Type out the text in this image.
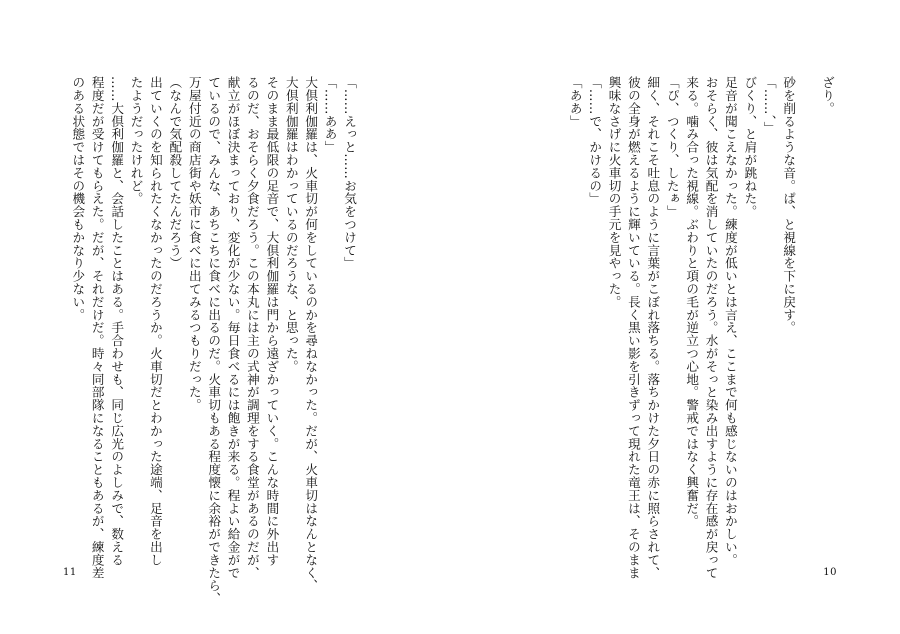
「……えっと……お気をつけて」
「……ああ」
大倶利伽羅は、火車切が何をしているのかを尋ねなかった。だが、火車切はなんとなく、
大倶利伽羅はわかっているのだろうな、と思った。
そのまま最低限の足音で、大倶利伽羅は門から遠ざかっていく。こんな時間に外出す
るのだ、おそらく夕食だろう。この本丸には主の式神が調理をする食堂があるのだが、
献立がほぼ決まっており、変化が少ない。毎日食べるには飽きが来る。程よい給金がで
ているので、みんな、あちこちに食べに出るのだ。火車切もある程度懐に余裕ができたら、
万屋付近の商店街や妖市に食べに出てみるつもりだった。
（なんで気配殺してたんだろう）
出ていくのを知られたくなかったのだろうか。火車切だとわかった途端、足音を出し
たようだったけれど。
……大倶利伽羅と、会話したことはある。手合わせも、同じ広光のよしみで、数える
程度だが受けてもらえた。だが、それだけだ。時々同部隊になることもあるが、練度差
のある状態ではその機会もかなり少ない。
11
ざり。

砂を削るような音。ぱ、と視線を下に戻す。
「……、」
びくり、と肩が跳ねた。
足音が聞こえなかった。練度が低いとは言え、ここまで何も感じないのはおかしい。
おそらく、彼は気配を消していたのだろう。水がそっと染み出すように存在感が戻って
来る。噛み合った視線。ぶわりと項の毛が逆立つ心地。警戒ではなく興奮だ。
「ぴ、つくり、したぁ」
細く、それこそ吐息のように言葉がこぼれ落ちる。落ちかけた夕日の赤に照らされて、
彼の全身が燃えるように輝いている。長く黒い影を引きずって現れた竜王は、そのまま
興味なさげに火車切の手元を見やった。
「……で、かけるの」
「ああ」
10
